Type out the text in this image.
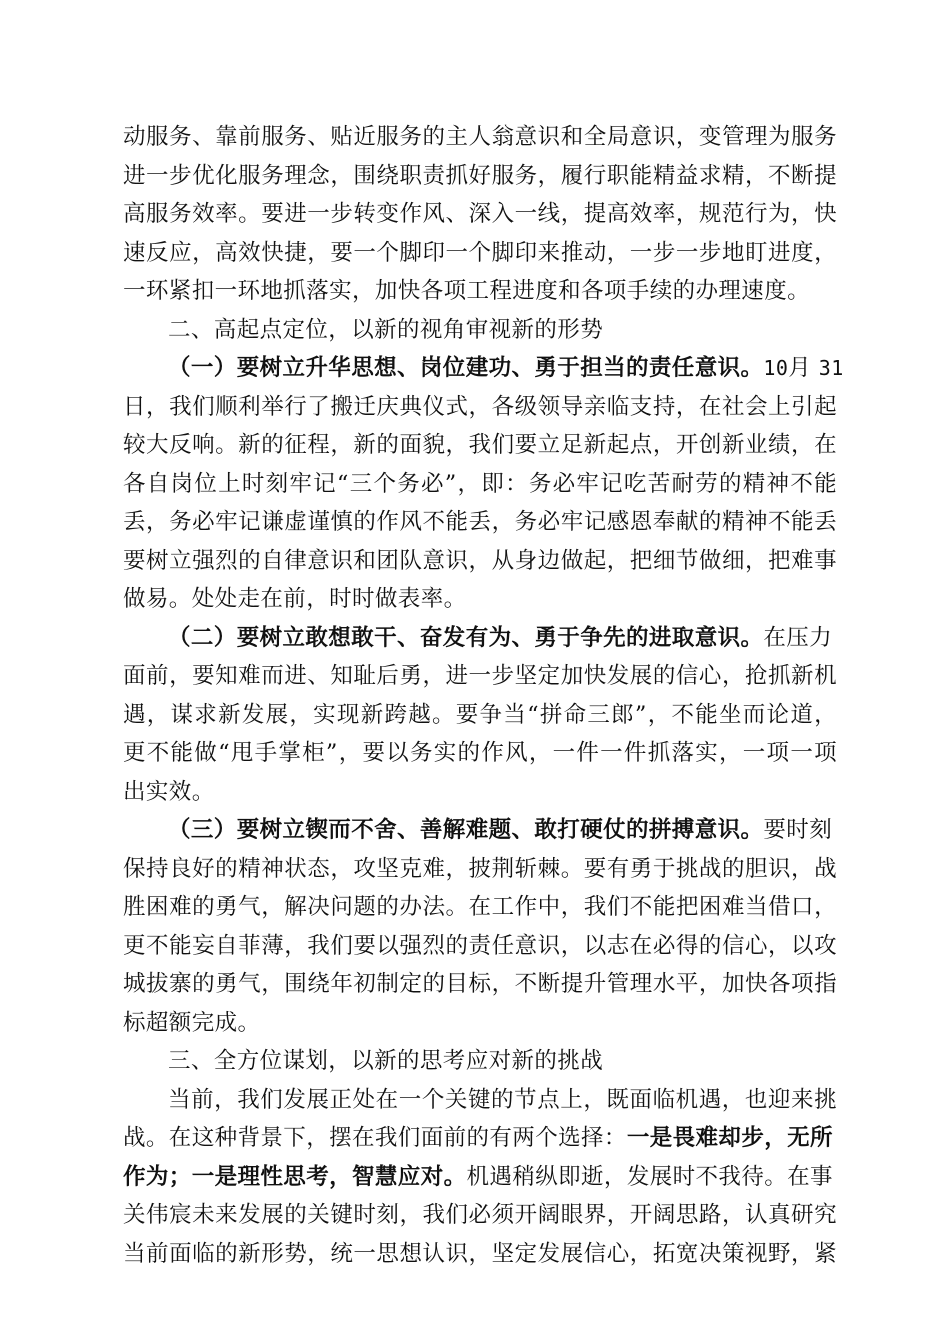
动服务、靠前服务、贴近服务的主人翁意识和全局意识，变管理为服务
进一步优化服务理念，围绕职责抓好服务，履行职能精益求精，不断提
高服务效率。要进一步转变作风、深入一线，提高效率，规范行为，快
速反应，高效快捷，要一个脚印一个脚印来推动，一步一步地盯进度，
一环紧扣一环地抓落实，加快各项工程进度和各项手续的办理速度。
二、高起点定位，以新的视角审视新的形势
（一）要树立升华思想、岗位建功、勇于担当的责任意识。10月 31
日，我们顺利举行了搬迁庆典仪式，各级领导亲临支持，在社会上引起
较大反响。新的征程，新的面貌，我们要立足新起点，开创新业绩，在
各自岗位上时刻牢记“三个务必”，即：务必牢记吃苦耐劳的精神不能
丢，务必牢记谦虚谨慎的作风不能丢，务必牢记感恩奉献的精神不能丢
要树立强烈的自律意识和团队意识，从身边做起，把细节做细，把难事
做易。处处走在前，时时做表率。
（二）要树立敢想敢干、奋发有为、勇于争先的进取意识。在压力
面前，要知难而进、知耻后勇，进一步坚定加快发展的信心，抢抓新机
遇，谋求新发展，实现新跨越。要争当“拼命三郎”，不能坐而论道，
更不能做“甩手掌柜”，要以务实的作风，一件一件抓落实，一项一项
出实效。
（三）要树立锲而不舍、善解难题、敢打硬仗的拼搏意识。要时刻
保持良好的精神状态，攻坚克难，披荆斩棘。要有勇于挑战的胆识，战
胜困难的勇气，解决问题的办法。在工作中，我们不能把困难当借口，
更不能妄自菲薄，我们要以强烈的责任意识，以志在必得的信心，以攻
城拔寨的勇气，围绕年初制定的目标，不断提升管理水平，加快各项指
标超额完成。
三、全方位谋划，以新的思考应对新的挑战
当前，我们发展正处在一个关键的节点上，既面临机遇，也迎来挑
战。在这种背景下，摆在我们面前的有两个选择：一是畏难却步，无所
作为；一是理性思考，智慧应对。机遇稍纵即逝，发展时不我待。在事
关伟宸未来发展的关键时刻，我们必须开阔眼界，开阔思路，认真研究
当前面临的新形势，统一思想认识，坚定发展信心，拓宽决策视野，紧
